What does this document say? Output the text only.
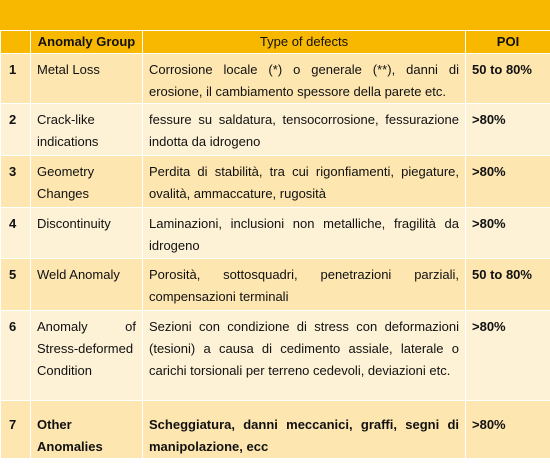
	Anomaly Group	Type of defects	POI
1	Metal Loss	Corrosione locale (*) o generale (**), danni di erosione, il cambiamento spessore della parete etc.	50 to 80%
2	Crack-like indications	fessure su saldatura, tensocorrosione, fessurazione indotta da idrogeno	>80%
3	Geometry Changes	Perdita di stabilità, tra cui rigonfiamenti, piegature, ovalità, ammaccature, rugosità	>80%
4	Discontinuity	Laminazioni, inclusioni non metalliche, fragilità da idrogeno	>80%
5	Weld Anomaly	Porosità, sottosquadri, penetrazioni parziali, compensazioni terminali	50 to 80%
6	Anomaly of Stress-deformed Condition	Sezioni con condizione di stress con deformazioni (tesioni) a causa di cedimento assiale, laterale o carichi torsionali per terreno cedevoli, deviazioni etc.	>80%
7	Other Anomalies	Scheggiatura, danni meccanici, graffi, segni di manipolazione, ecc	>80%
